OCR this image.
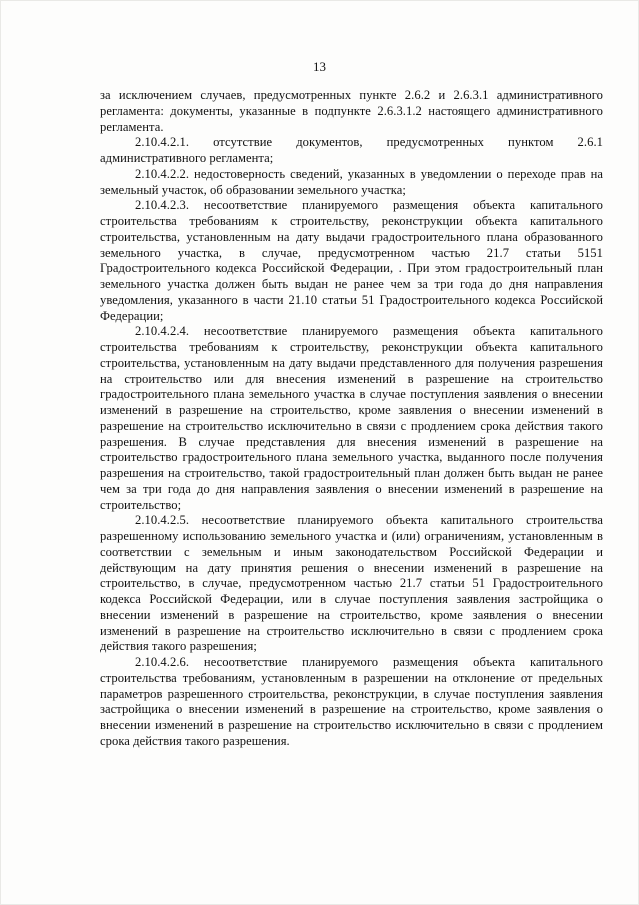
13

за исключением случаев, предусмотренных пункте 2.6.2 и 2.6.3.1 административного регламента: документы, указанные в подпункте 2.6.3.1.2 настоящего административного регламента.

2.10.4.2.1. отсутствие документов, предусмотренных пунктом 2.6.1 административного регламента;

2.10.4.2.2. недостоверность сведений, указанных в уведомлении о переходе прав на земельный участок, об образовании земельного участка;

2.10.4.2.3. несоответствие планируемого размещения объекта капитального строительства требованиям к строительству, реконструкции объекта капитального строительства, установленным на дату выдачи градостроительного плана образованного земельного участка, в случае, предусмотренном частью 21.7 статьи 5151 Градостроительного кодекса Российской Федерации, . При этом градостроительный план земельного участка должен быть выдан не ранее чем за три года до дня направления уведомления, указанного в части 21.10 статьи 51 Градостроительного кодекса Российской Федерации;

2.10.4.2.4. несоответствие планируемого размещения объекта капитального строительства требованиям к строительству, реконструкции объекта капитального строительства, установленным на дату выдачи представленного для получения разрешения на строительство или для внесения изменений в разрешение на строительство градостроительного плана земельного участка в случае поступления заявления о внесении изменений в разрешение на строительство, кроме заявления о внесении изменений в разрешение на строительство исключительно в связи с продлением срока действия такого разрешения. В случае представления для внесения изменений в разрешение на строительство градостроительного плана земельного участка, выданного после получения разрешения на строительство, такой градостроительный план должен быть выдан не ранее чем за три года до дня направления заявления о внесении изменений в разрешение на строительство;

2.10.4.2.5. несоответствие планируемого объекта капитального строительства разрешенному использованию земельного участка и (или) ограничениям, установленным в соответствии с земельным и иным законодательством Российской Федерации и действующим на дату принятия решения о внесении изменений в разрешение на строительство, в случае, предусмотренном частью 21.7 статьи 51 Градостроительного кодекса Российской Федерации, или в случае поступления заявления застройщика о внесении изменений в разрешение на строительство, кроме заявления о внесении изменений в разрешение на строительство исключительно в связи с продлением срока действия такого разрешения;

2.10.4.2.6. несоответствие планируемого размещения объекта капитального строительства требованиям, установленным в разрешении на отклонение от предельных параметров разрешенного строительства, реконструкции, в случае поступления заявления застройщика о внесении изменений в разрешение на строительство, кроме заявления о внесении изменений в разрешение на строительство исключительно в связи с продлением срока действия такого разрешения.
